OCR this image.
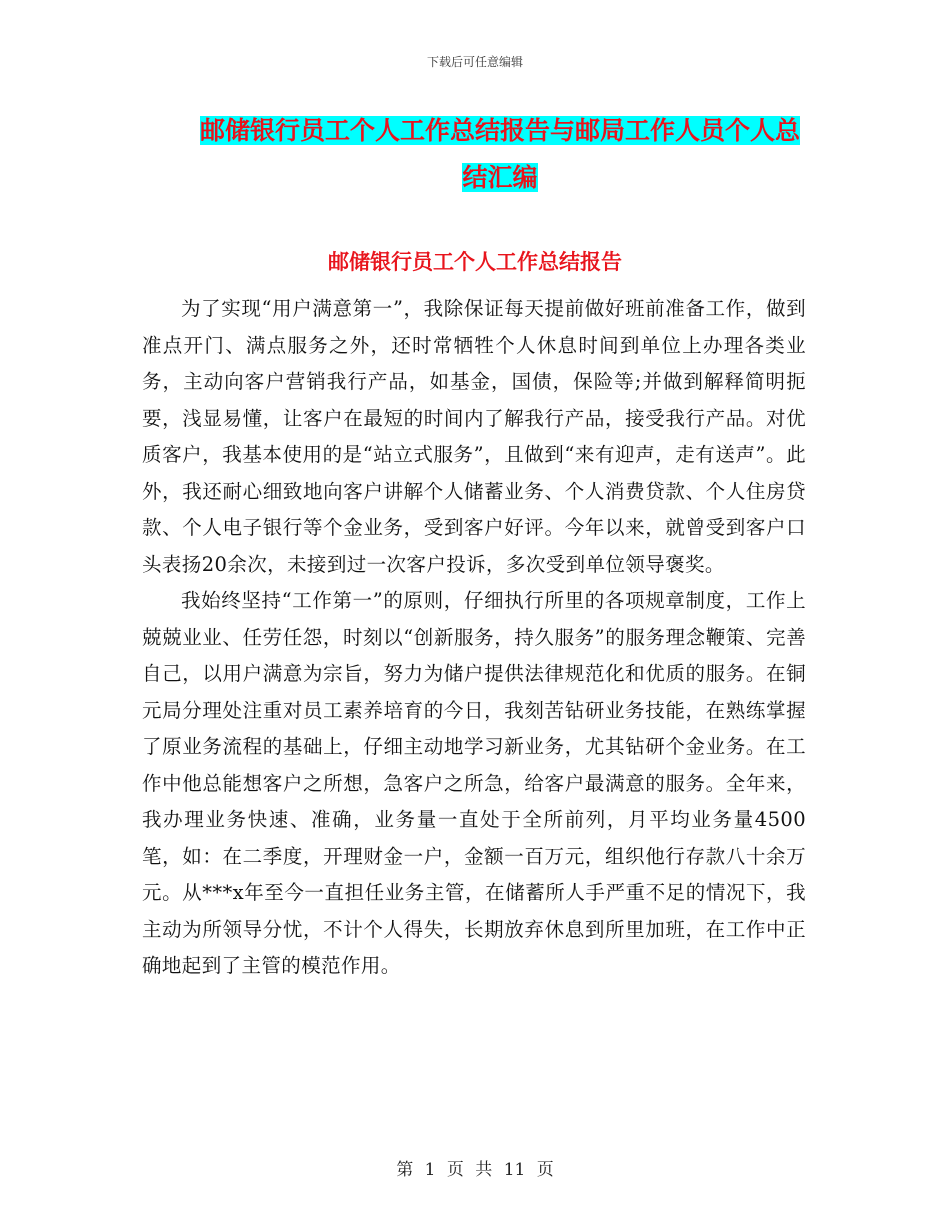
下载后可任意编辑
邮储银行员工个人工作总结报告与邮局工作人员个人总结汇编
邮储银行员工个人工作总结报告

为了实现“用户满意第一”，我除保证每天提前做好班前准备工作，做到准点开门、满点服务之外，还时常牺牲个人休息时间到单位上办理各类业务，主动向客户营销我行产品，如基金，国债，保险等;并做到解释简明扼要，浅显易懂，让客户在最短的时间内了解我行产品，接受我行产品。对优质客户，我基本使用的是“站立式服务”，且做到“来有迎声，走有送声”。此外，我还耐心细致地向客户讲解个人储蓄业务、个人消费贷款、个人住房贷款、个人电子银行等个金业务，受到客户好评。今年以来，就曾受到客户口头表扬20余次，未接到过一次客户投诉，多次受到单位领导褒奖。

我始终坚持“工作第一”的原则，仔细执行所里的各项规章制度，工作上兢兢业业、任劳任怨，时刻以“创新服务，持久服务”的服务理念鞭策、完善自己，以用户满意为宗旨，努力为储户提供法律规范化和优质的服务。在铜元局分理处注重对员工素养培育的今日，我刻苦钻研业务技能，在熟练掌握了原业务流程的基础上，仔细主动地学习新业务，尤其钻研个金业务。在工作中他总能想客户之所想，急客户之所急，给客户最满意的服务。全年来，我办理业务快速、准确，业务量一直处于全所前列，月平均业务量4500笔，如：在二季度，开理财金一户，金额一百万元，组织他行存款八十余万元。从***x年至今一直担任业务主管，在储蓄所人手严重不足的情况下，我主动为所领导分忧，不计个人得失，长期放弃休息到所里加班，在工作中正确地起到了主管的模范作用。

第 1 页 共 11 页
